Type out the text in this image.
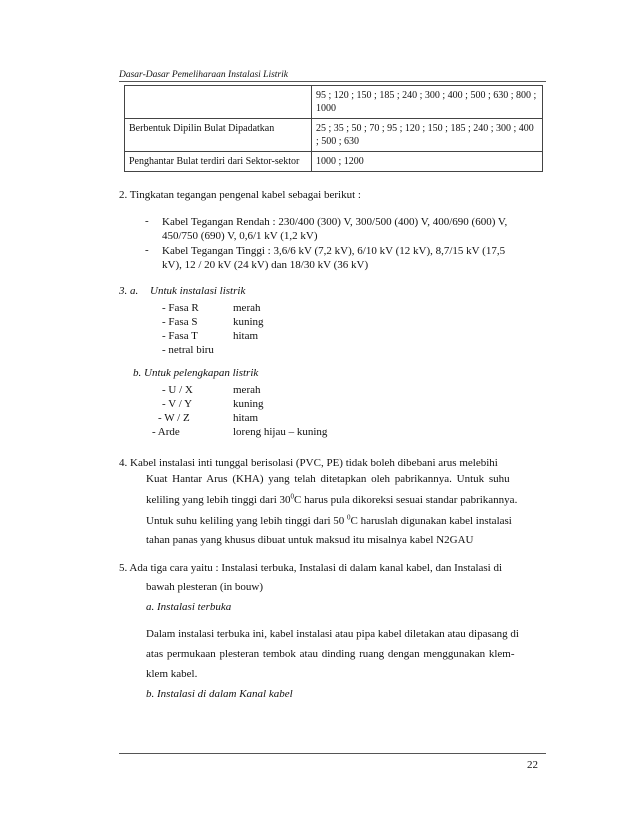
Dasar-Dasar Pemeliharaan Instalasi Listrik
	95 ; 120 ; 150 ; 185 ; 240 ; 300 ; 400 ; 500 ; 630 ; 800 ; 1000
Berbentuk Dipilin Bulat Dipadatkan	25 ; 35 ; 50 ; 70 ; 95 ; 120 ; 150 ; 185 ; 240 ; 300 ; 400 ; 500 ; 630
Penghantar Bulat terdiri dari Sektor-sektor	1000 ; 1200
2. Tingkatan tegangan pengenal kabel sebagai berikut :
- Kabel Tegangan Rendah : 230/400 (300) V, 300/500 (400) V, 400/690 (600) V,
450/750 (690) V, 0,6/1 kV (1,2 kV)
- Kabel Tegangan Tinggi : 3,6/6 kV (7,2 kV), 6/10 kV (12 kV), 8,7/15 kV (17,5
kV), 12 / 20 kV (24 kV) dan 18/30 kV (36 kV)
3. a. Untuk instalasi listrik
- Fasa R	merah
- Fasa S	kuning
- Fasa T	hitam
- netral biru
b. Untuk pelengkapan listrik
- U / X	merah
- V / Y	kuning
- W / Z	hitam
- Arde	loreng hijau – kuning
4. Kabel instalasi inti tunggal berisolasi (PVC, PE) tidak boleh dibebani arus melebihi
Kuat Hantar Arus (KHA) yang telah ditetapkan oleh pabrikannya. Untuk suhu
keliling yang lebih tinggi dari $30^0C$ harus pula dikoreksi sesuai standar pabrikannya.
Untuk suhu keliling yang lebih tinggi dari 50 $^0$C haruslah digunakan kabel instalasi
tahan panas yang khusus dibuat untuk maksud itu misalnya kabel N2GAU
5. Ada tiga cara yaitu : Instalasi terbuka, Instalasi di dalam kanal kabel, dan Instalasi di
bawah plesteran (in bouw)
a. Instalasi terbuka
Dalam instalasi terbuka ini, kabel instalasi atau pipa kabel diletakan atau dipasang di
atas permukaan plesteran tembok atau dinding ruang dengan menggunakan klem-
klem kabel.
b. Instalasi di dalam Kanal kabel
22
